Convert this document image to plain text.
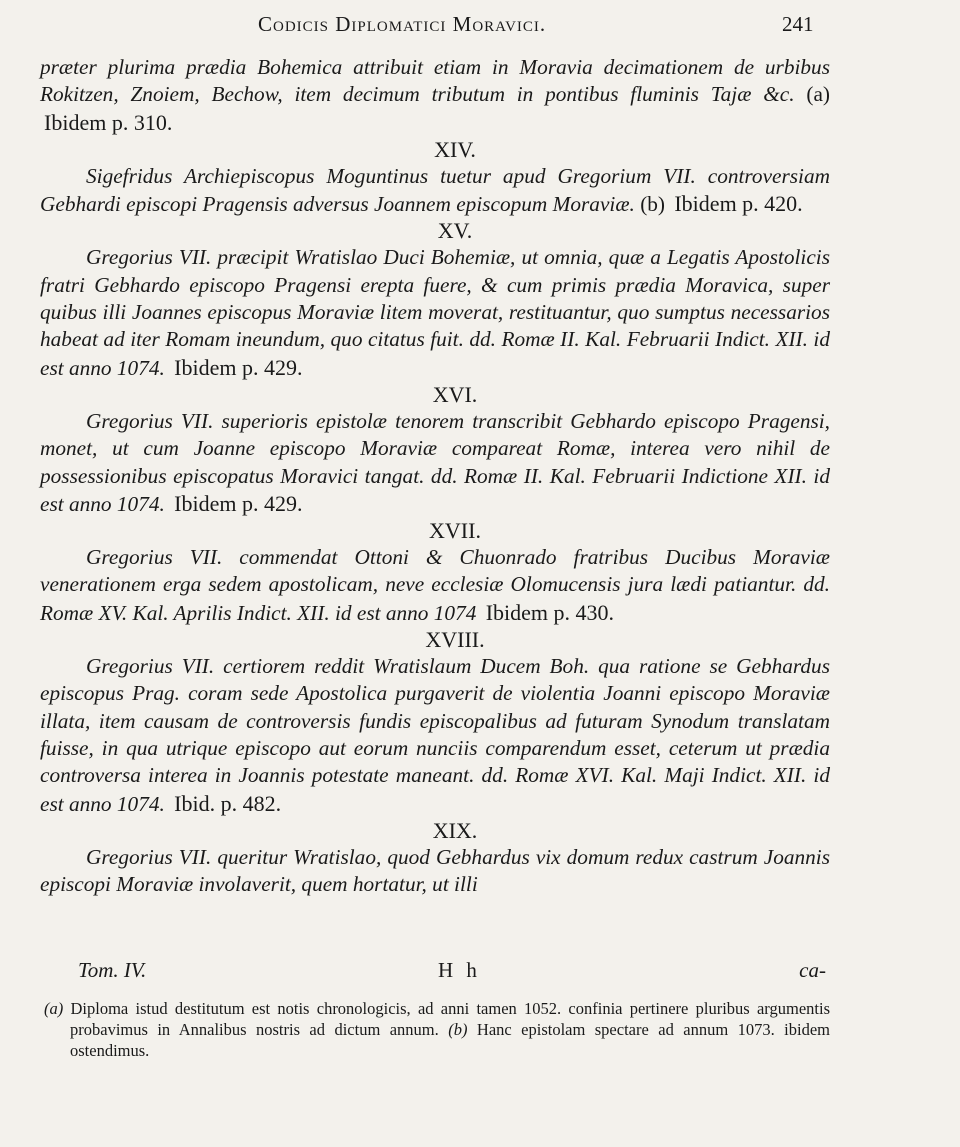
Codicis Diplomatici Moravici.	241

præter plurima prædia Bohemica attribuit etiam in Moravia decimationem de urbibus Rokitzen, Znoiem, Bechow, item decimum tributum in pontibus fluminis Tajæ &c. (a) Ibidem p. 310.

XIV.

Sigefridus Archiepiscopus Moguntinus tuetur apud Gregorium VII. controversiam Gebhardi episcopi Pragensis adversus Joannem episcopum Moraviæ. (b) Ibidem p. 420.

XV.

Gregorius VII. præcipit Wratislao Duci Bohemiæ, ut omnia, quæ a Legatis Apostolicis fratri Gebhardo episcopo Pragensi erepta fuere, & cum primis prædia Moravica, super quibus illi Joannes episcopus Moraviæ litem moverat, restituantur, quo sumptus necessarios habeat ad iter Romam ineundum, quo citatus fuit. dd. Romæ II. Kal. Februarii Indict. XII. id est anno 1074. Ibidem p. 429.

XVI.

Gregorius VII. superioris epistolæ tenorem transcribit Gebhardo episcopo Pragensi, monet, ut cum Joanne episcopo Moraviæ compareat Romæ, interea vero nihil de possessionibus episcopatus Moravici tangat. dd. Romæ II. Kal. Februarii Indictione XII. id est anno 1074. Ibidem p. 429.

XVII.

Gregorius VII. commendat Ottoni & Chuonrado fratribus Ducibus Moraviæ venerationem erga sedem apostolicam, neve ecclesiæ Olomucensis jura lædi patiantur. dd. Romæ XV. Kal. Aprilis Indict. XII. id est anno 1074 Ibidem p. 430.

XVIII.

Gregorius VII. certiorem reddit Wratislaum Ducem Boh. qua ratione se Gebhardus episcopus Prag. coram sede Apostolica purgaverit de violentia Joanni episcopo Moraviæ illata, item causam de controversis fundis episcopalibus ad futuram Synodum translatam fuisse, in qua utrique episcopo aut eorum nunciis comparendum esset, ceterum ut prædia controversa interea in Joannis potestate maneant. dd. Romæ XVI. Kal. Maji Indict. XII. id est anno 1074. Ibid. p. 482.

XIX.

Gregorius VII. queritur Wratislao, quod Gebhardus vix domum redux castrum Joannis episcopi Moraviæ involaverit, quem hortatur, ut illi

Tom. IV.	H h	ca-

(a) Diploma istud destitutum est notis chronologicis, ad anni tamen 1052. confinia pertinere pluribus argumentis probavimus in Annalibus nostris ad dictum annum. (b) Hanc epistolam spectare ad annum 1073. ibidem ostendimus.
